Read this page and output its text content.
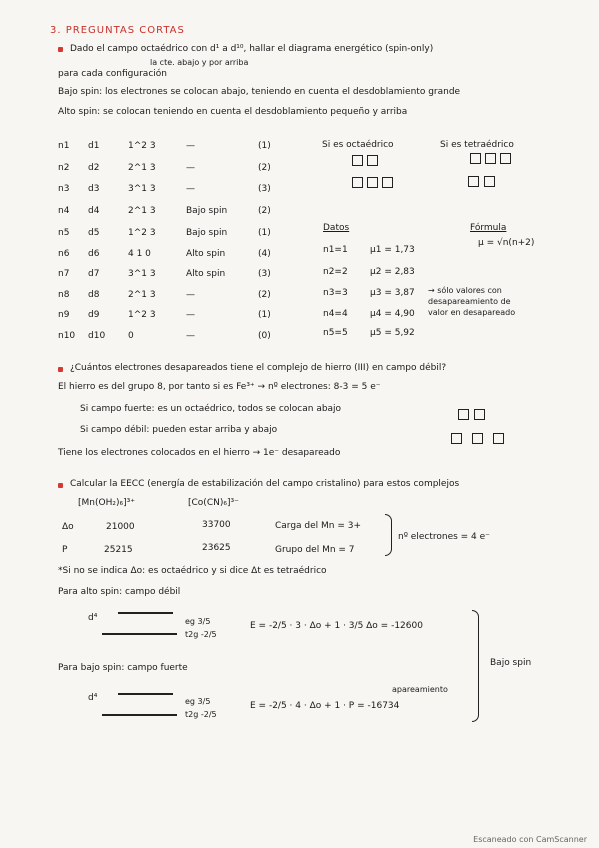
3. PREGUNTAS CORTAS
Dado el campo octaédrico con d¹ a d¹⁰, hallar el diagrama energético (spin-only)
la cte. abajo y por arriba
para cada configuración
Bajo spin: los electrones se colocan abajo, teniendo en cuenta el desdoblamiento grande
Alto spin: se colocan teniendo en cuenta el desdoblamiento pequeño y arriba
Si es octaédrico	Si es tetraédrico
n1 d1	1^2 3	—	(1)
n2 d2	2^1 3	—	(2)
n3 d3	3^1 3	—	(3)
n4 d4	2^1 3	Bajo spin	(2)
n5 d5	1^2 3	Bajo spin	(1)
n6 d6	4 1 0	Alto spin	(4)
n7 d7	3^1 3	Alto spin	(3)
n8 d8	2^1 3	—	(2)
n9 d9	1^2 3	—	(1)
n10 d10	0	—	(0)
Datos	Fórmula
μ = √n(n+2)
n1=1 μ1 = 1,73
n2=2 μ2 = 2,83
n3=3 μ3 = 3,87
n4=4 μ4 = 4,90
n5=5 μ5 = 5,92
→ sólo valores con desapareamiento de valor en desapareado
¿Cuántos electrones desapareados tiene el complejo de hierro (III) en campo débil?
El hierro es del grupo 8, por tanto si es Fe³⁺ → nº electrones: 8-3 = 5 e⁻
Si campo fuerte: es un octaédrico, todos se colocan abajo
Si campo débil: pueden estar arriba y abajo
Tiene los electrones colocados en el hierro → 1e⁻ desapareado
Calcular la EECC (energía de estabilización del campo cristalino) para estos complejos
[Mn(OH₂)₆]³⁺	[Co(CN)₆]³⁻
Δo	21000	33700
P	25215	23625
Carga del Mn = 3+
Grupo del Mn = 7
nº electrones = 4 e⁻
*Si no se indica Δo: es octaédrico y si dice Δt es tetraédrico
Para alto spin: campo débil
d⁴	eg 3/5
t2g -2/5
E = -2/5 · 3 · Δo + 1 · 3/5 Δo = -12600
Para bajo spin: campo fuerte
d⁴	eg 3/5
t2g -2/5
E = -2/5 · 4 · Δo + 1 · P = -16734
apareamiento
Bajo spin
Escaneado con CamScanner
